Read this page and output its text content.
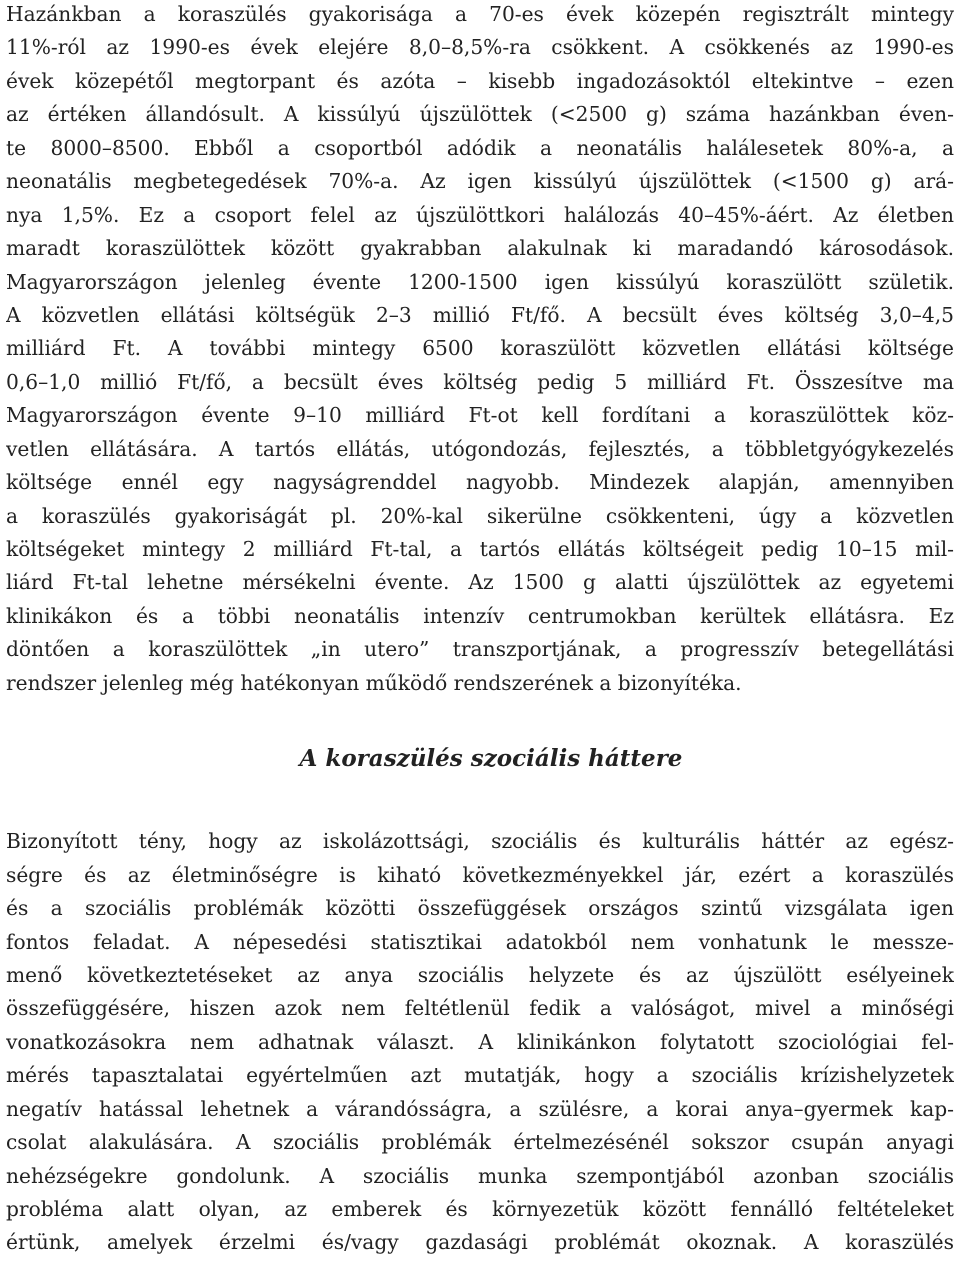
Hazánkban a koraszülés gyakorisága a 70-es évek közepén regisztrált mintegy
11%-ról az 1990-es évek elejére 8,0–8,5%-ra csökkent. A csökkenés az 1990-es
évek közepétől megtorpant és azóta – kisebb ingadozásoktól eltekintve – ezen
az értéken állandósult. A kissúlyú újszülöttek (<2500 g) száma hazánkban éven-
te 8000–8500. Ebből a csoportból adódik a neonatális halálesetek 80%-a, a
neonatális megbetegedések 70%-a. Az igen kissúlyú újszülöttek (<1500 g) ará-
nya 1,5%. Ez a csoport felel az újszülöttkori halálozás 40–45%-áért. Az életben
maradt koraszülöttek között gyakrabban alakulnak ki maradandó károsodások.
Magyarországon jelenleg évente 1200-1500 igen kissúlyú koraszülött születik.
A közvetlen ellátási költségük 2–3 millió Ft/fő. A becsült éves költség 3,0–4,5
milliárd Ft. A további mintegy 6500 koraszülött közvetlen ellátási költsége
0,6–1,0 millió Ft/fő, a becsült éves költség pedig 5 milliárd Ft. Összesítve ma
Magyarországon évente 9–10 milliárd Ft-ot kell fordítani a koraszülöttek köz-
vetlen ellátására. A tartós ellátás, utógondozás, fejlesztés, a többletgyógykezelés
költsége ennél egy nagyságrenddel nagyobb. Mindezek alapján, amennyiben
a koraszülés gyakoriságát pl. 20%-kal sikerülne csökkenteni, úgy a közvetlen
költségeket mintegy 2 milliárd Ft-tal, a tartós ellátás költségeit pedig 10–15 mil-
liárd Ft-tal lehetne mérsékelni évente. Az 1500 g alatti újszülöttek az egyetemi
klinikákon és a többi neonatális intenzív centrumokban kerültek ellátásra. Ez
döntően a koraszülöttek „in utero” transzportjának, a progresszív betegellátási
rendszer jelenleg még hatékonyan működő rendszerének a bizonyítéka.
A koraszülés szociális háttere
Bizonyított tény, hogy az iskolázottsági, szociális és kulturális háttér az egész-
ségre és az életminőségre is kiható következményekkel jár, ezért a koraszülés
és a szociális problémák közötti összefüggések országos szintű vizsgálata igen
fontos feladat. A népesedési statisztikai adatokból nem vonhatunk le messze-
menő következtetéseket az anya szociális helyzete és az újszülött esélyeinek
összefüggésére, hiszen azok nem feltétlenül fedik a valóságot, mivel a minőségi
vonatkozásokra nem adhatnak választ. A klinikánkon folytatott szociológiai fel-
mérés tapasztalatai egyértelműen azt mutatják, hogy a szociális krízishelyzetek
negatív hatással lehetnek a várandósságra, a szülésre, a korai anya–gyermek kap-
csolat alakulására. A szociális problémák értelmezésénél sokszor csupán anyagi
nehézségekre gondolunk. A szociális munka szempontjából azonban szociális
probléma alatt olyan, az emberek és környezetük között fennálló feltételeket
értünk, amelyek érzelmi és/vagy gazdasági problémát okoznak. A koraszülés
